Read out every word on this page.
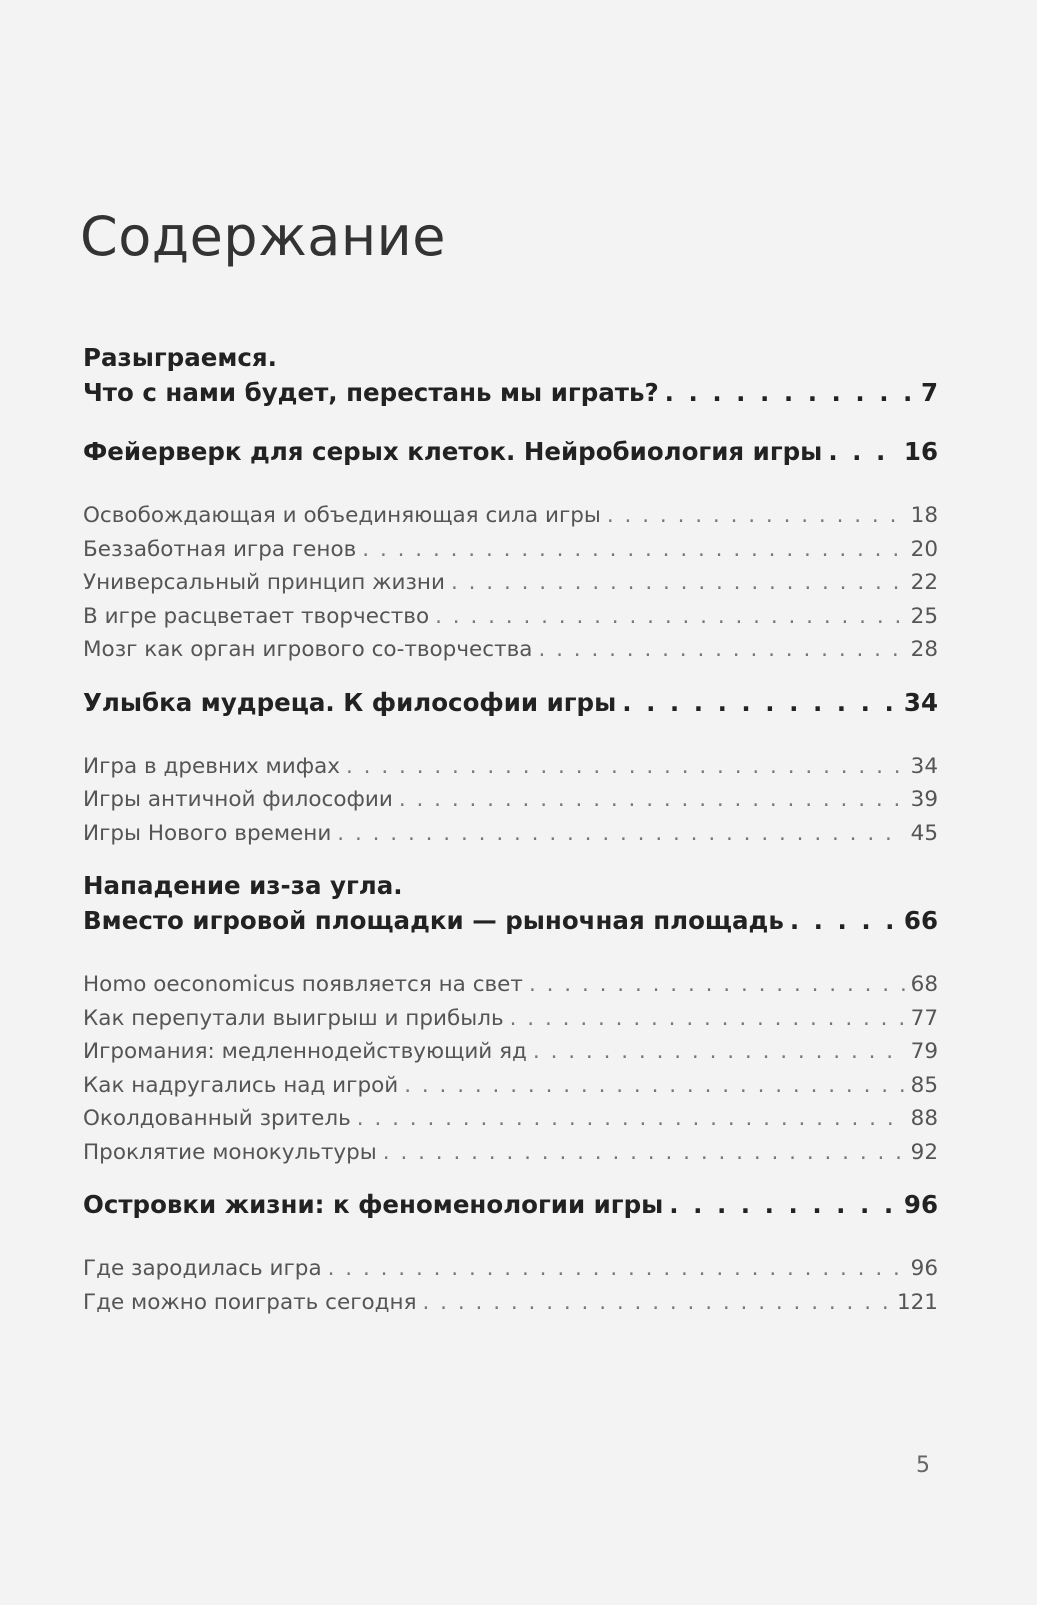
Содержание
Разыграемся.
Что с нами будет, перестань мы играть? . . .	7
Фейерверк для серых клеток. Нейробиология игры . . .	16
Освобождающая и объединяющая сила игры . . .	18
Беззаботная игра генов . . .	20
Универсальный принцип жизни . . .	22
В игре расцветает творчество . . .	25
Мозг как орган игрового со-творчества . . .	28
Улыбка мудреца. К философии игры . . .	34
Игра в древних мифах . . .	34
Игры античной философии . . .	39
Игры Нового времени . . .	45
Нападение из-за угла.
Вместо игровой площадки — рыночная площадь . . .	66
Homo oeconomicus появляется на свет . . .	68
Как перепутали выигрыш и прибыль . . .	77
Игромания: медленнодействующий яд . . .	79
Как надругались над игрой . . .	85
Околдованный зритель . . .	88
Проклятие монокультуры . . .	92
Островки жизни: к феноменологии игры . . .	96
Где зародилась игра . . .	96
Где можно поиграть сегодня . . .	121
5
